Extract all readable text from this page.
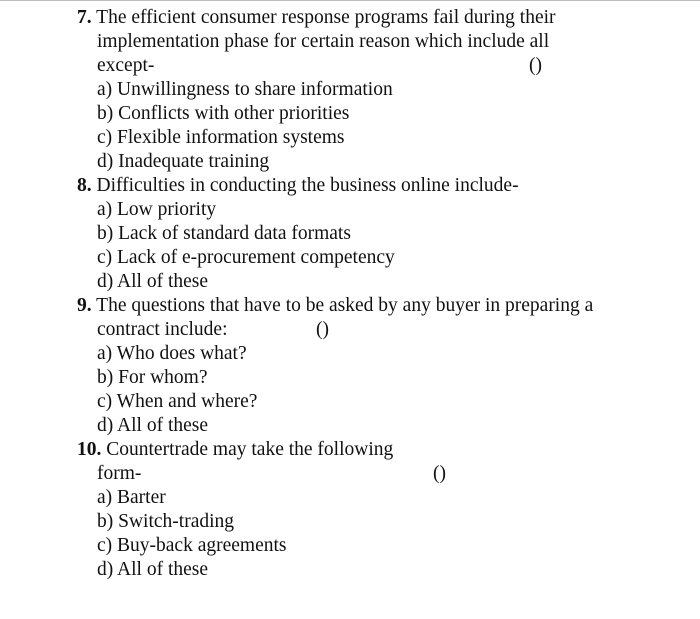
7. The efficient consumer response programs fail during their
implementation phase for certain reason which include all
except-	()
a) Unwillingness to share information
b) Conflicts with other priorities
c) Flexible information systems
d) Inadequate training
8. Difficulties in conducting the business online include-
a) Low priority
b) Lack of standard data formats
c) Lack of e-procurement competency
d) All of these
9. The questions that have to be asked by any buyer in preparing a
contract include:	()
a) Who does what?
b) For whom?
c) When and where?
d) All of these
10. Countertrade may take the following
form-	()
a) Barter
b) Switch-trading
c) Buy-back agreements
d) All of these
